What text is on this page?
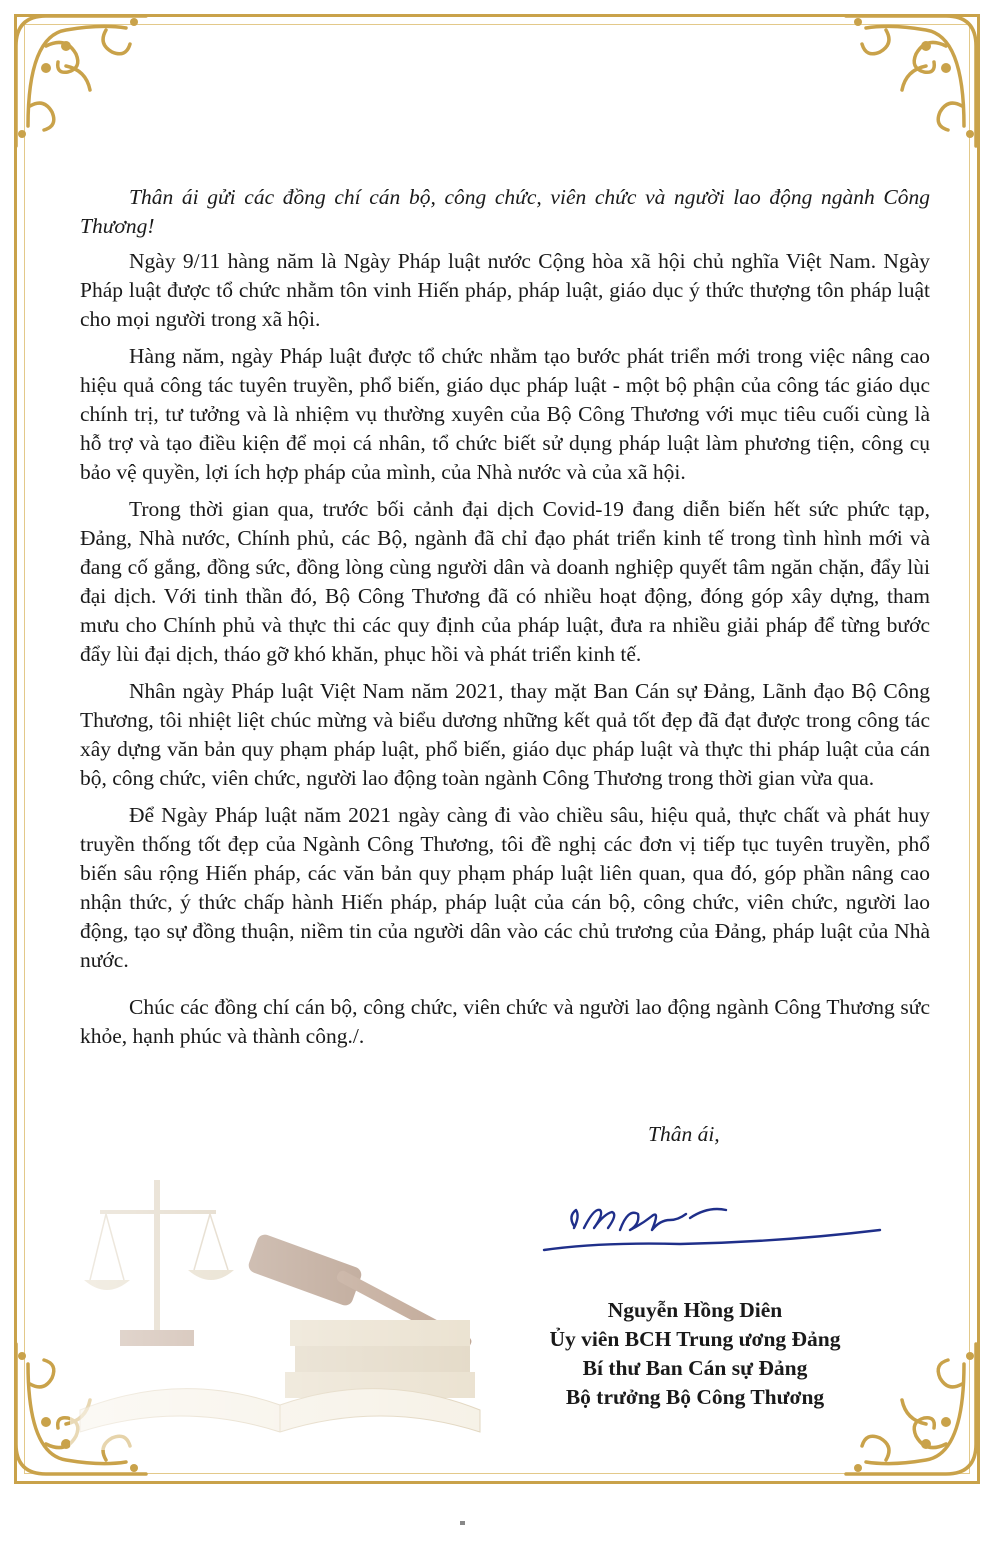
Thân ái gửi các đồng chí cán bộ, công chức, viên chức và người lao động ngành Công Thương!

Ngày 9/11 hàng năm là Ngày Pháp luật nước Cộng hòa xã hội chủ nghĩa Việt Nam. Ngày Pháp luật được tổ chức nhằm tôn vinh Hiến pháp, pháp luật, giáo dục ý thức thượng tôn pháp luật cho mọi người trong xã hội.

Hàng năm, ngày Pháp luật được tổ chức nhằm tạo bước phát triển mới trong việc nâng cao hiệu quả công tác tuyên truyền, phổ biến, giáo dục pháp luật - một bộ phận của công tác giáo dục chính trị, tư tưởng và là nhiệm vụ thường xuyên của Bộ Công Thương với mục tiêu cuối cùng là hỗ trợ và tạo điều kiện để mọi cá nhân, tổ chức biết sử dụng pháp luật làm phương tiện, công cụ bảo vệ quyền, lợi ích hợp pháp của mình, của Nhà nước và của xã hội.

Trong thời gian qua, trước bối cảnh đại dịch Covid-19 đang diễn biến hết sức phức tạp, Đảng, Nhà nước, Chính phủ, các Bộ, ngành đã chỉ đạo phát triển kinh tế trong tình hình mới và đang cố gắng, đồng sức, đồng lòng cùng người dân và doanh nghiệp quyết tâm ngăn chặn, đẩy lùi đại dịch. Với tinh thần đó, Bộ Công Thương đã có nhiều hoạt động, đóng góp xây dựng, tham mưu cho Chính phủ và thực thi các quy định của pháp luật, đưa ra nhiều giải pháp để từng bước đẩy lùi đại dịch, tháo gỡ khó khăn, phục hồi và phát triển kinh tế.

Nhân ngày Pháp luật Việt Nam năm 2021, thay mặt Ban Cán sự Đảng, Lãnh đạo Bộ Công Thương, tôi nhiệt liệt chúc mừng và biểu dương những kết quả tốt đẹp đã đạt được trong công tác xây dựng văn bản quy phạm pháp luật, phổ biến, giáo dục pháp luật và thực thi pháp luật của cán bộ, công chức, viên chức, người lao động toàn ngành Công Thương trong thời gian vừa qua.

Để Ngày Pháp luật năm 2021 ngày càng đi vào chiều sâu, hiệu quả, thực chất và phát huy truyền thống tốt đẹp của Ngành Công Thương, tôi đề nghị các đơn vị tiếp tục tuyên truyền, phổ biến sâu rộng Hiến pháp, các văn bản quy phạm pháp luật liên quan, qua đó, góp phần nâng cao nhận thức, ý thức chấp hành Hiến pháp, pháp luật của cán bộ, công chức, viên chức, người lao động, tạo sự đồng thuận, niềm tin của người dân vào các chủ trương của Đảng, pháp luật của Nhà nước.

Chúc các đồng chí cán bộ, công chức, viên chức và người lao động ngành Công Thương sức khỏe, hạnh phúc và thành công./.

Thân ái,
Nguyễn Hồng Diên
Ủy viên BCH Trung ương Đảng
Bí thư Ban Cán sự Đảng
Bộ trưởng Bộ Công Thương
